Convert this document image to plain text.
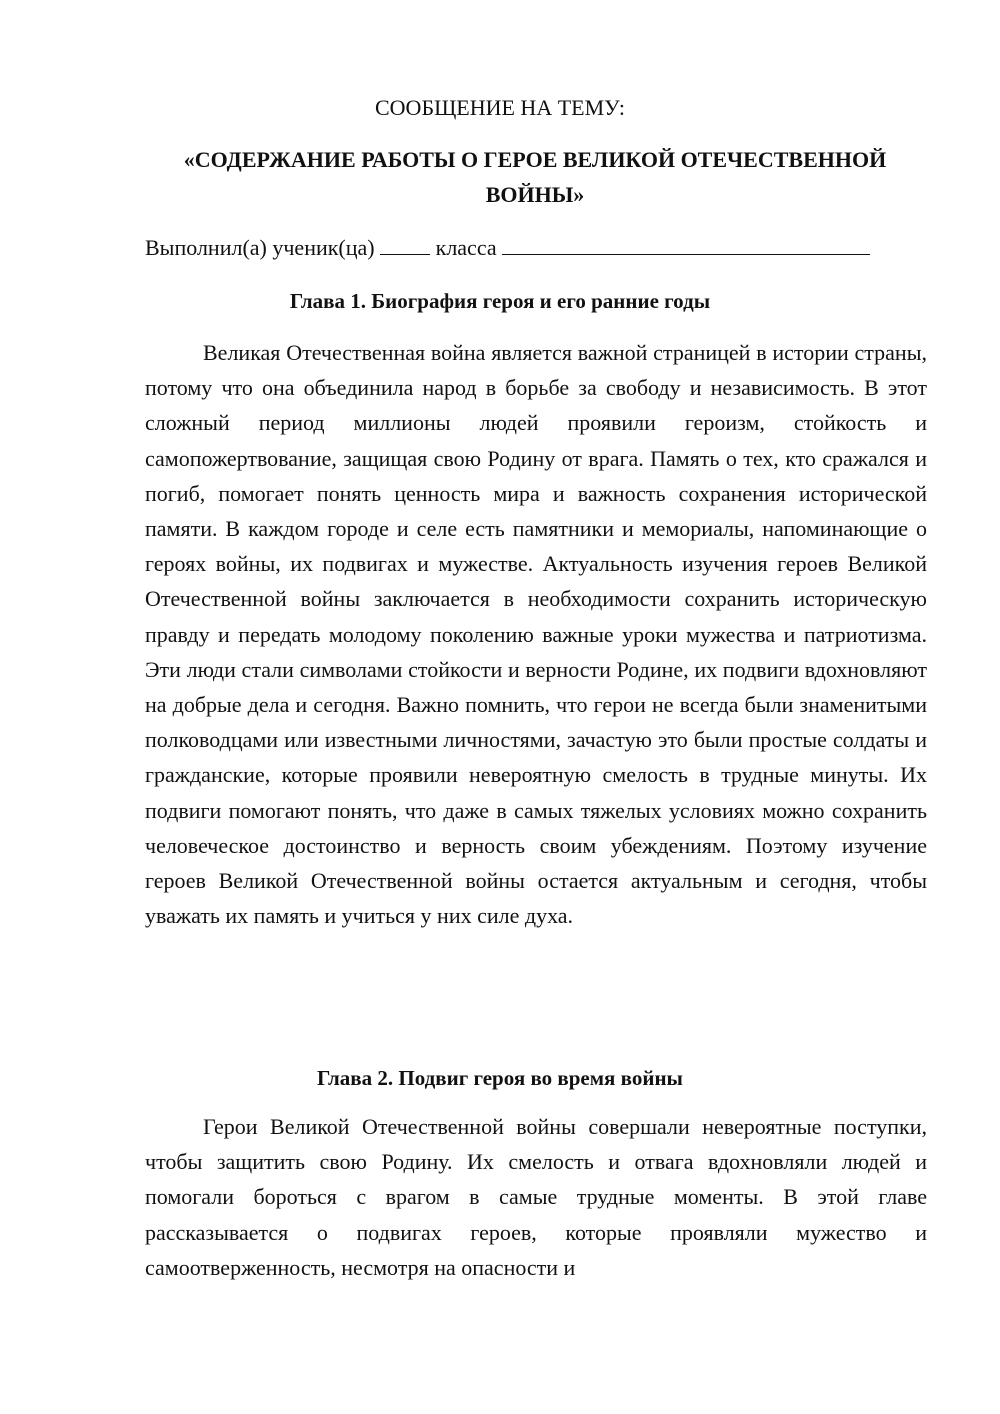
СООБЩЕНИЕ НА ТЕМУ:
«СОДЕРЖАНИЕ РАБОТЫ О ГЕРОЕ ВЕЛИКОЙ ОТЕЧЕСТВЕННОЙ ВОЙНЫ»

Выполнил(а) ученик(ца)	класса

Глава 1. Биография героя и его ранние годы

Великая Отечественная война является важной страницей в истории страны, потому что она объединила народ в борьбе за свободу и независимость. В этот сложный период миллионы людей проявили героизм, стойкость и самопожертвование, защищая свою Родину от врага. Память о тех, кто сражался и погиб, помогает понять ценность мира и важность сохранения исторической памяти. В каждом городе и селе есть памятники и мемориалы, напоминающие о героях войны, их подвигах и мужестве. Актуальность изучения героев Великой Отечественной войны заключается в необходимости сохранить историческую правду и передать молодому поколению важные уроки мужества и патриотизма. Эти люди стали символами стойкости и верности Родине, их подвиги вдохновляют на добрые дела и сегодня. Важно помнить, что герои не всегда были знаменитыми полководцами или известными личностями, зачастую это были простые солдаты и гражданские, которые проявили невероятную смелость в трудные минуты. Их подвиги помогают понять, что даже в самых тяжелых условиях можно сохранить человеческое достоинство и верность своим убеждениям. Поэтому изучение героев Великой Отечественной войны остается актуальным и сегодня, чтобы уважать их память и учиться у них силе духа.

Глава 2. Подвиг героя во время войны

Герои Великой Отечественной войны совершали невероятные поступки, чтобы защитить свою Родину. Их смелость и отвага вдохновляли людей и помогали бороться с врагом в самые трудные моменты. В этой главе рассказывается о подвигах героев, которые проявляли мужество и самоотверженность, несмотря на опасности и
